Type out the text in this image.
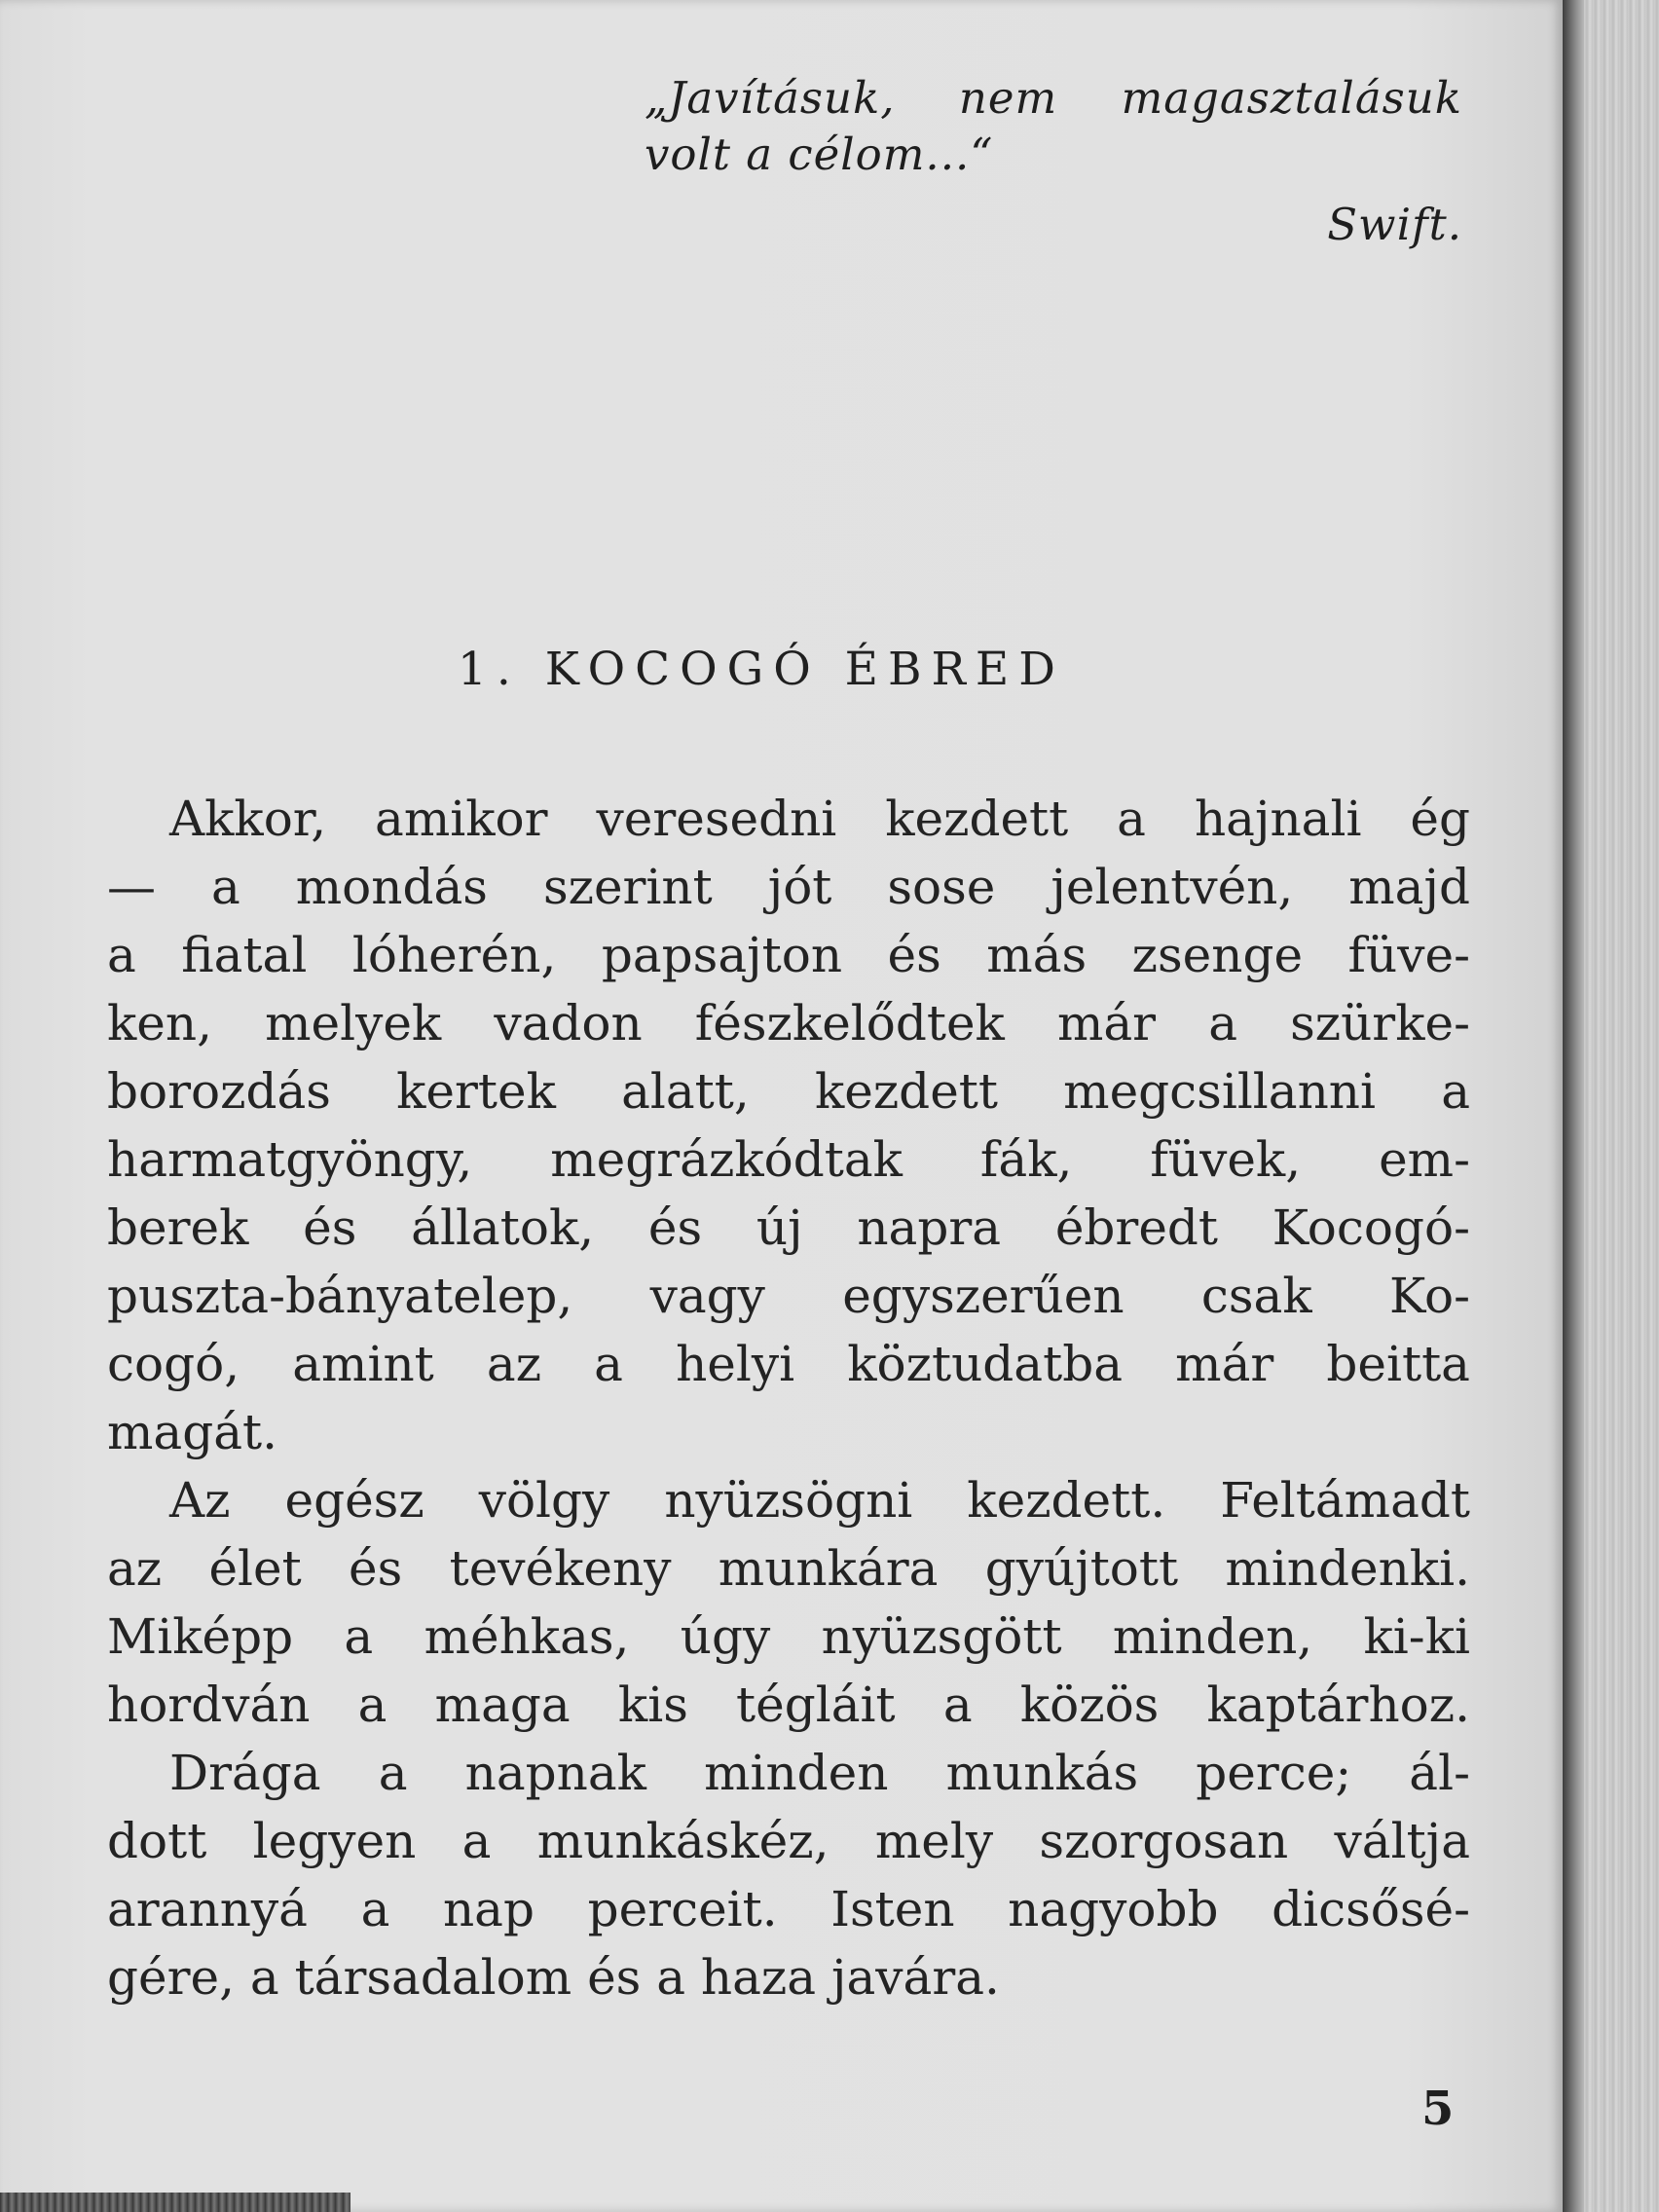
„Javításuk, nem magasztalásuk
volt a célom...“
Swift.
1. KOCOGÓ ÉBRED
Akkor, amikor veresedni kezdett a hajnali ég
— a mondás szerint jót sose jelentvén, majd
a fiatal lóherén, papsajton és más zsenge füve-
ken, melyek vadon fészkelődtek már a szürke-
borozdás kertek alatt, kezdett megcsillanni a
harmatgyöngy, megrázkódtak fák, füvek, em-
berek és állatok, és új napra ébredt Kocogó-
puszta-bányatelep, vagy egyszerűen csak Ko-
cogó, amint az a helyi köztudatba már beitta
magát.
Az egész völgy nyüzsögni kezdett. Feltámadt
az élet és tevékeny munkára gyújtott mindenki.
Miképp a méhkas, úgy nyüzsgött minden, ki-ki
hordván a maga kis tégláit a közös kaptárhoz.
Drága a napnak minden munkás perce; ál-
dott legyen a munkáskéz, mely szorgosan váltja
arannyá a nap perceit. Isten nagyobb dicsősé-
gére, a társadalom és a haza javára.
5
